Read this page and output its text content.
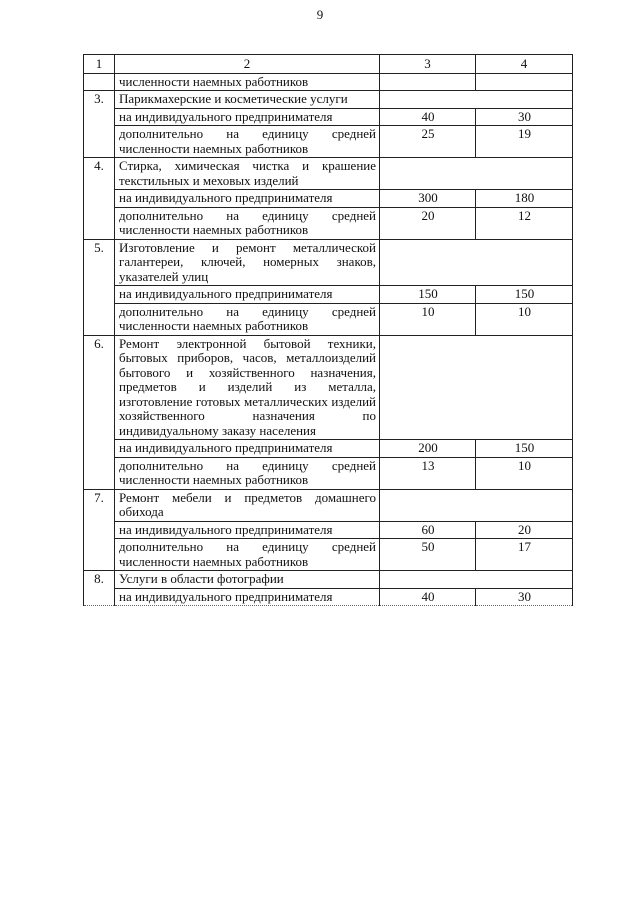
9
1	2	3	4
	численности наемных работников		
3.	Парикмахерские и косметические услуги		
	на индивидуального предпринимателя	40	30
	дополнительно на единицу средней численности наемных работников	25	19
4.	Стирка, химическая чистка и крашение текстильных и меховых изделий		
	на индивидуального предпринимателя	300	180
	дополнительно на единицу средней численности наемных работников	20	12
5.	Изготовление и ремонт металлической галантереи, ключей, номерных знаков, указателей улиц		
	на индивидуального предпринимателя	150	150
	дополнительно на единицу средней численности наемных работников	10	10
6.	Ремонт электронной бытовой техники, бытовых приборов, часов, металлоизделий бытового и хозяйственного назначения, предметов и изделий из металла, изготовление готовых металлических изделий хозяйственного назначения по индивидуальному заказу населения		
	на индивидуального предпринимателя	200	150
	дополнительно на единицу средней численности наемных работников	13	10
7.	Ремонт мебели и предметов домашнего обихода		
	на индивидуального предпринимателя	60	20
	дополнительно на единицу средней численности наемных работников	50	17
8.	Услуги в области фотографии		
	на индивидуального предпринимателя	40	30
